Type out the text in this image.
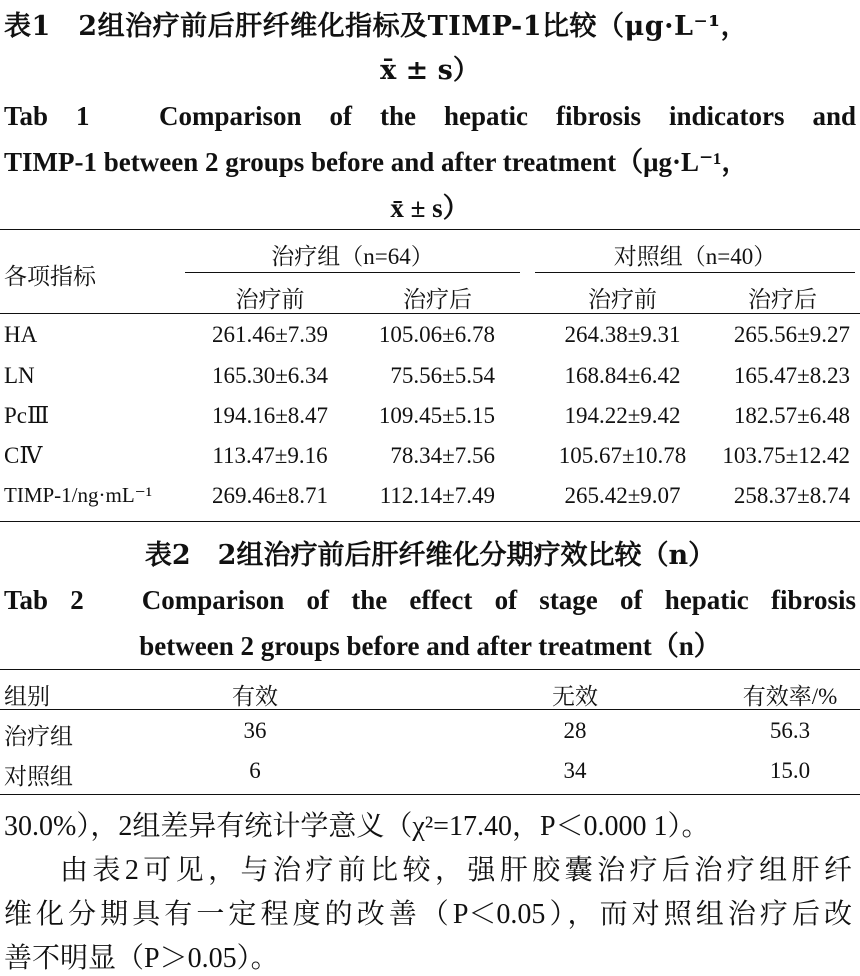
表1　2组治疗前后肝纤维化指标及TIMP-1比较（μg·L⁻¹，
x̄ ± s）
Tab 1　Comparison of the hepatic fibrosis indicators and
TIMP-1 between 2 groups before and after treatment（μg·L⁻¹，
x̄ ± s）
各项指标
治疗组（n=64）	对照组（n=40）
治疗前	治疗后	治疗前	治疗后
HA	261.46±7.39	105.06±6.78	264.38±9.31	265.56±9.27
LN	165.30±6.34	75.56±5.54	168.84±6.42	165.47±8.23
PcⅢ	194.16±8.47	109.45±5.15	194.22±9.42	182.57±6.48
CⅣ	113.47±9.16	78.34±7.56	105.67±10.78	103.75±12.42
TIMP-1/ng·mL⁻¹	269.46±8.71	112.14±7.49	265.42±9.07	258.37±8.74
表2　2组治疗前后肝纤维化分期疗效比较（n）
Tab 2　Comparison of the effect of stage of hepatic fibrosis
between 2 groups before and after treatment（n）
组别	有效	无效	有效率/%
治疗组	36	28	56.3
对照组	6	34	15.0
30.0%），2组差异有统计学意义（χ²=17.40，P＜0.000 1）。
由表2可见，与治疗前比较，强肝胶囊治疗后治疗组肝纤
维化分期具有一定程度的改善（P＜0.05），而对照组治疗后改
善不明显（P＞0.05）。
